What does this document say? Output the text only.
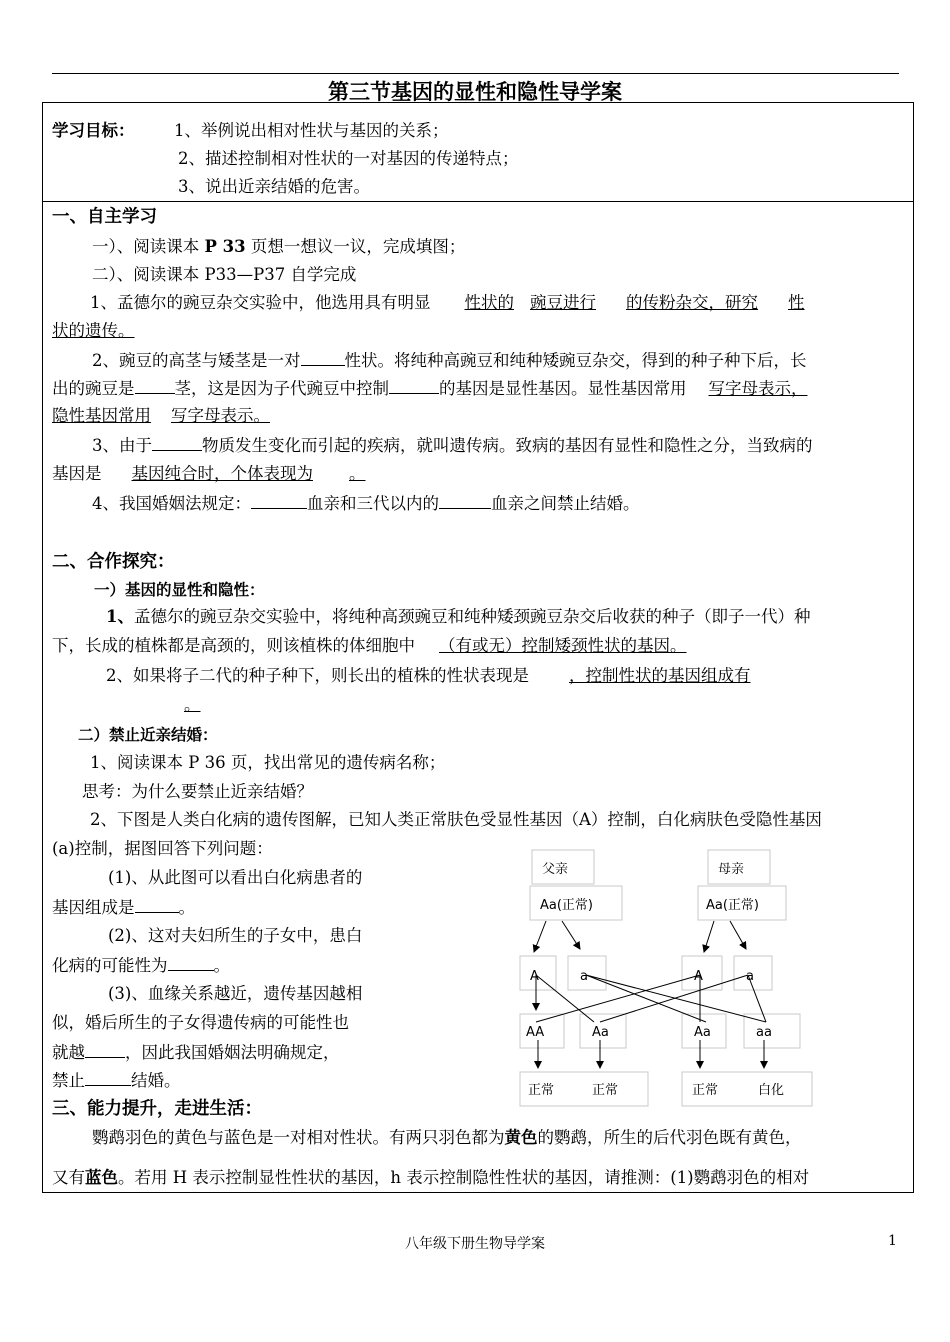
第三节基因的显性和隐性导学案
学习目标： 1、举例说出相对性状与基因的关系；
2、描述控制相对性状的一对基因的传递特点；
3、说出近亲结婚的危害。
一、自主学习
一）、阅读课本 P 33 页想一想议一议，完成填图；
二）、阅读课本 P33—P37 自学完成
1、孟德尔的豌豆杂交实验中，他选用具有明显 性状的 豌豆进行 的传粉杂交，研究 性
状的遗传。
2、豌豆的高茎与矮茎是一对	性状。将纯种高豌豆和纯种矮豌豆杂交，得到的种子种下后，长
出的豌豆是 茎，这是因为子代豌豆中控制	的基因是显性基因。显性基因常用 写字母表示，
隐性基因常用 写字母表示。
3、由于	物质发生变化而引起的疾病，就叫遗传病。致病的基因有显性和隐性之分，当致病的
基因是 基因纯合时，个体表现为 。
4、我国婚姻法规定：	血亲和三代以内的	血亲之间禁止结婚。
二、合作探究：
一）基因的显性和隐性：
1、孟德尔的豌豆杂交实验中，将纯种高颈豌豆和纯种矮颈豌豆杂交后收获的种子（即子一代）种
下，长成的植株都是高颈的，则该植株的体细胞中 （有或无）控制矮颈性状的基因。
2、如果将子二代的种子种下，则长出的植株的性状表现是 ，控制性状的基因组成有
。
二）禁止近亲结婚：
1、阅读课本 P 36 页，找出常见的遗传病名称；
思考：为什么要禁止近亲结婚？
2、下图是人类白化病的遗传图解，已知人类正常肤色受显性基因（A）控制，白化病肤色受隐性基因
(a)控制，据图回答下列问题：
(1)、从此图可以看出白化病患者的
基因组成是	。
(2)、这对夫妇所生的子女中，患白
化病的可能性为	。
(3)、血缘关系越近，遗传基因越相
似，婚后所生的子女得遗传病的可能性也
就越 ，因此我国婚姻法明确规定，
禁止	结婚。
父亲	母亲
Aa(正常)	Aa(正常)
A	a	A	a
AA	Aa	Aa	aa
正常	正常	正常	白化
三、能力提升，走进生活：
鹦鹉羽色的黄色与蓝色是一对相对性状。有两只羽色都为黄色的鹦鹉，所生的后代羽色既有黄色，
又有蓝色。若用 H 表示控制显性性状的基因，h 表示控制隐性性状的基因，请推测：(1)鹦鹉羽色的相对
八年级下册生物导学案	1
